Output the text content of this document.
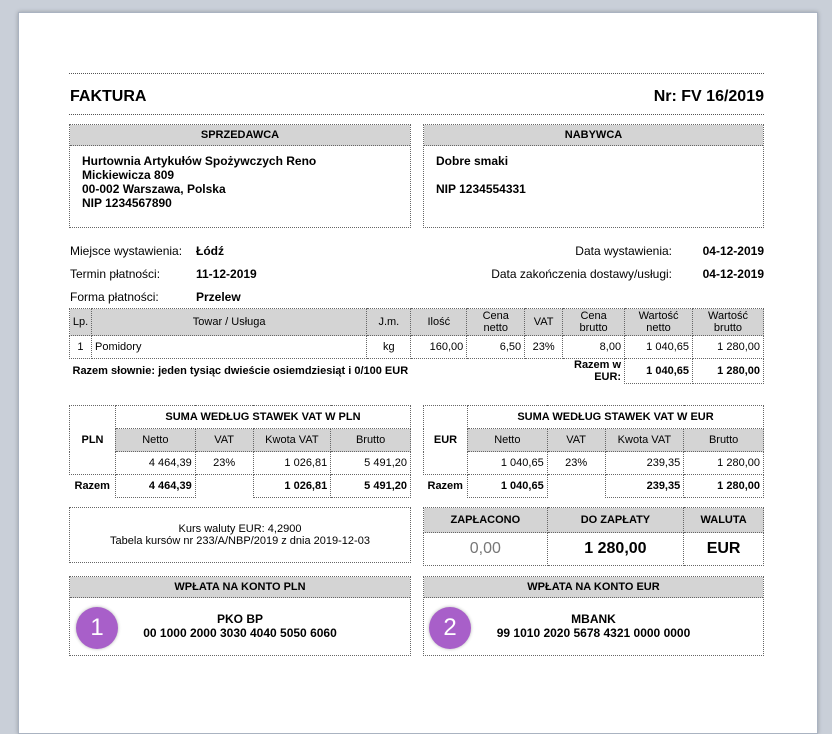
FAKTURA	Nr: FV 16/2019
SPRZEDAWCA
Hurtownia Artykułów Spożywczych Reno
Mickiewicza 809
00-002 Warszawa, Polska
NIP 1234567890
NABYWCA
Dobre smaki
NIP 1234554331
Miejsce wystawienia: Łódź
Termin płatności:	11-12-2019
Forma płatności:	Przelew
Data wystawienia:	04-12-2019
Data zakończenia dostawy/usługi:	04-12-2019
Lp.	Towar / Usługa	J.m.	Ilość	Cena netto	VAT	Cena brutto	Wartość netto	Wartość brutto
1	Pomidory	kg	160,00	6,50	23%	8,00	1 040,65	1 280,00
Razem słownie: jeden tysiąc dwieście osiemdziesiąt i 0/100 EUR						Razem w EUR:	1 040,65	1 280,00
PLN	SUMA WEDŁUG STAWEK VAT W PLN			
	Netto	VAT	Kwota VAT	Brutto
	4 464,39	23%	1 026,81	5 491,20
Razem	4 464,39		1 026,81	5 491,20
EUR	SUMA WEDŁUG STAWEK VAT W EUR			
	Netto	VAT	Kwota VAT	Brutto
	1 040,65	23%	239,35	1 280,00
Razem	1 040,65		239,35	1 280,00
Kurs waluty EUR: 4,2900
Tabela kursów nr 233/A/NBP/2019 z dnia 2019-12-03
ZAPŁACONO	DO ZAPŁATY	WALUTA
0,00	1 280,00	EUR
WPŁATA NA KONTO PLN
PKO BP
00 1000 2000 3030 4040 5050 6060
1
WPŁATA NA KONTO EUR
MBANK
99 1010 2020 5678 4321 0000 0000
2
